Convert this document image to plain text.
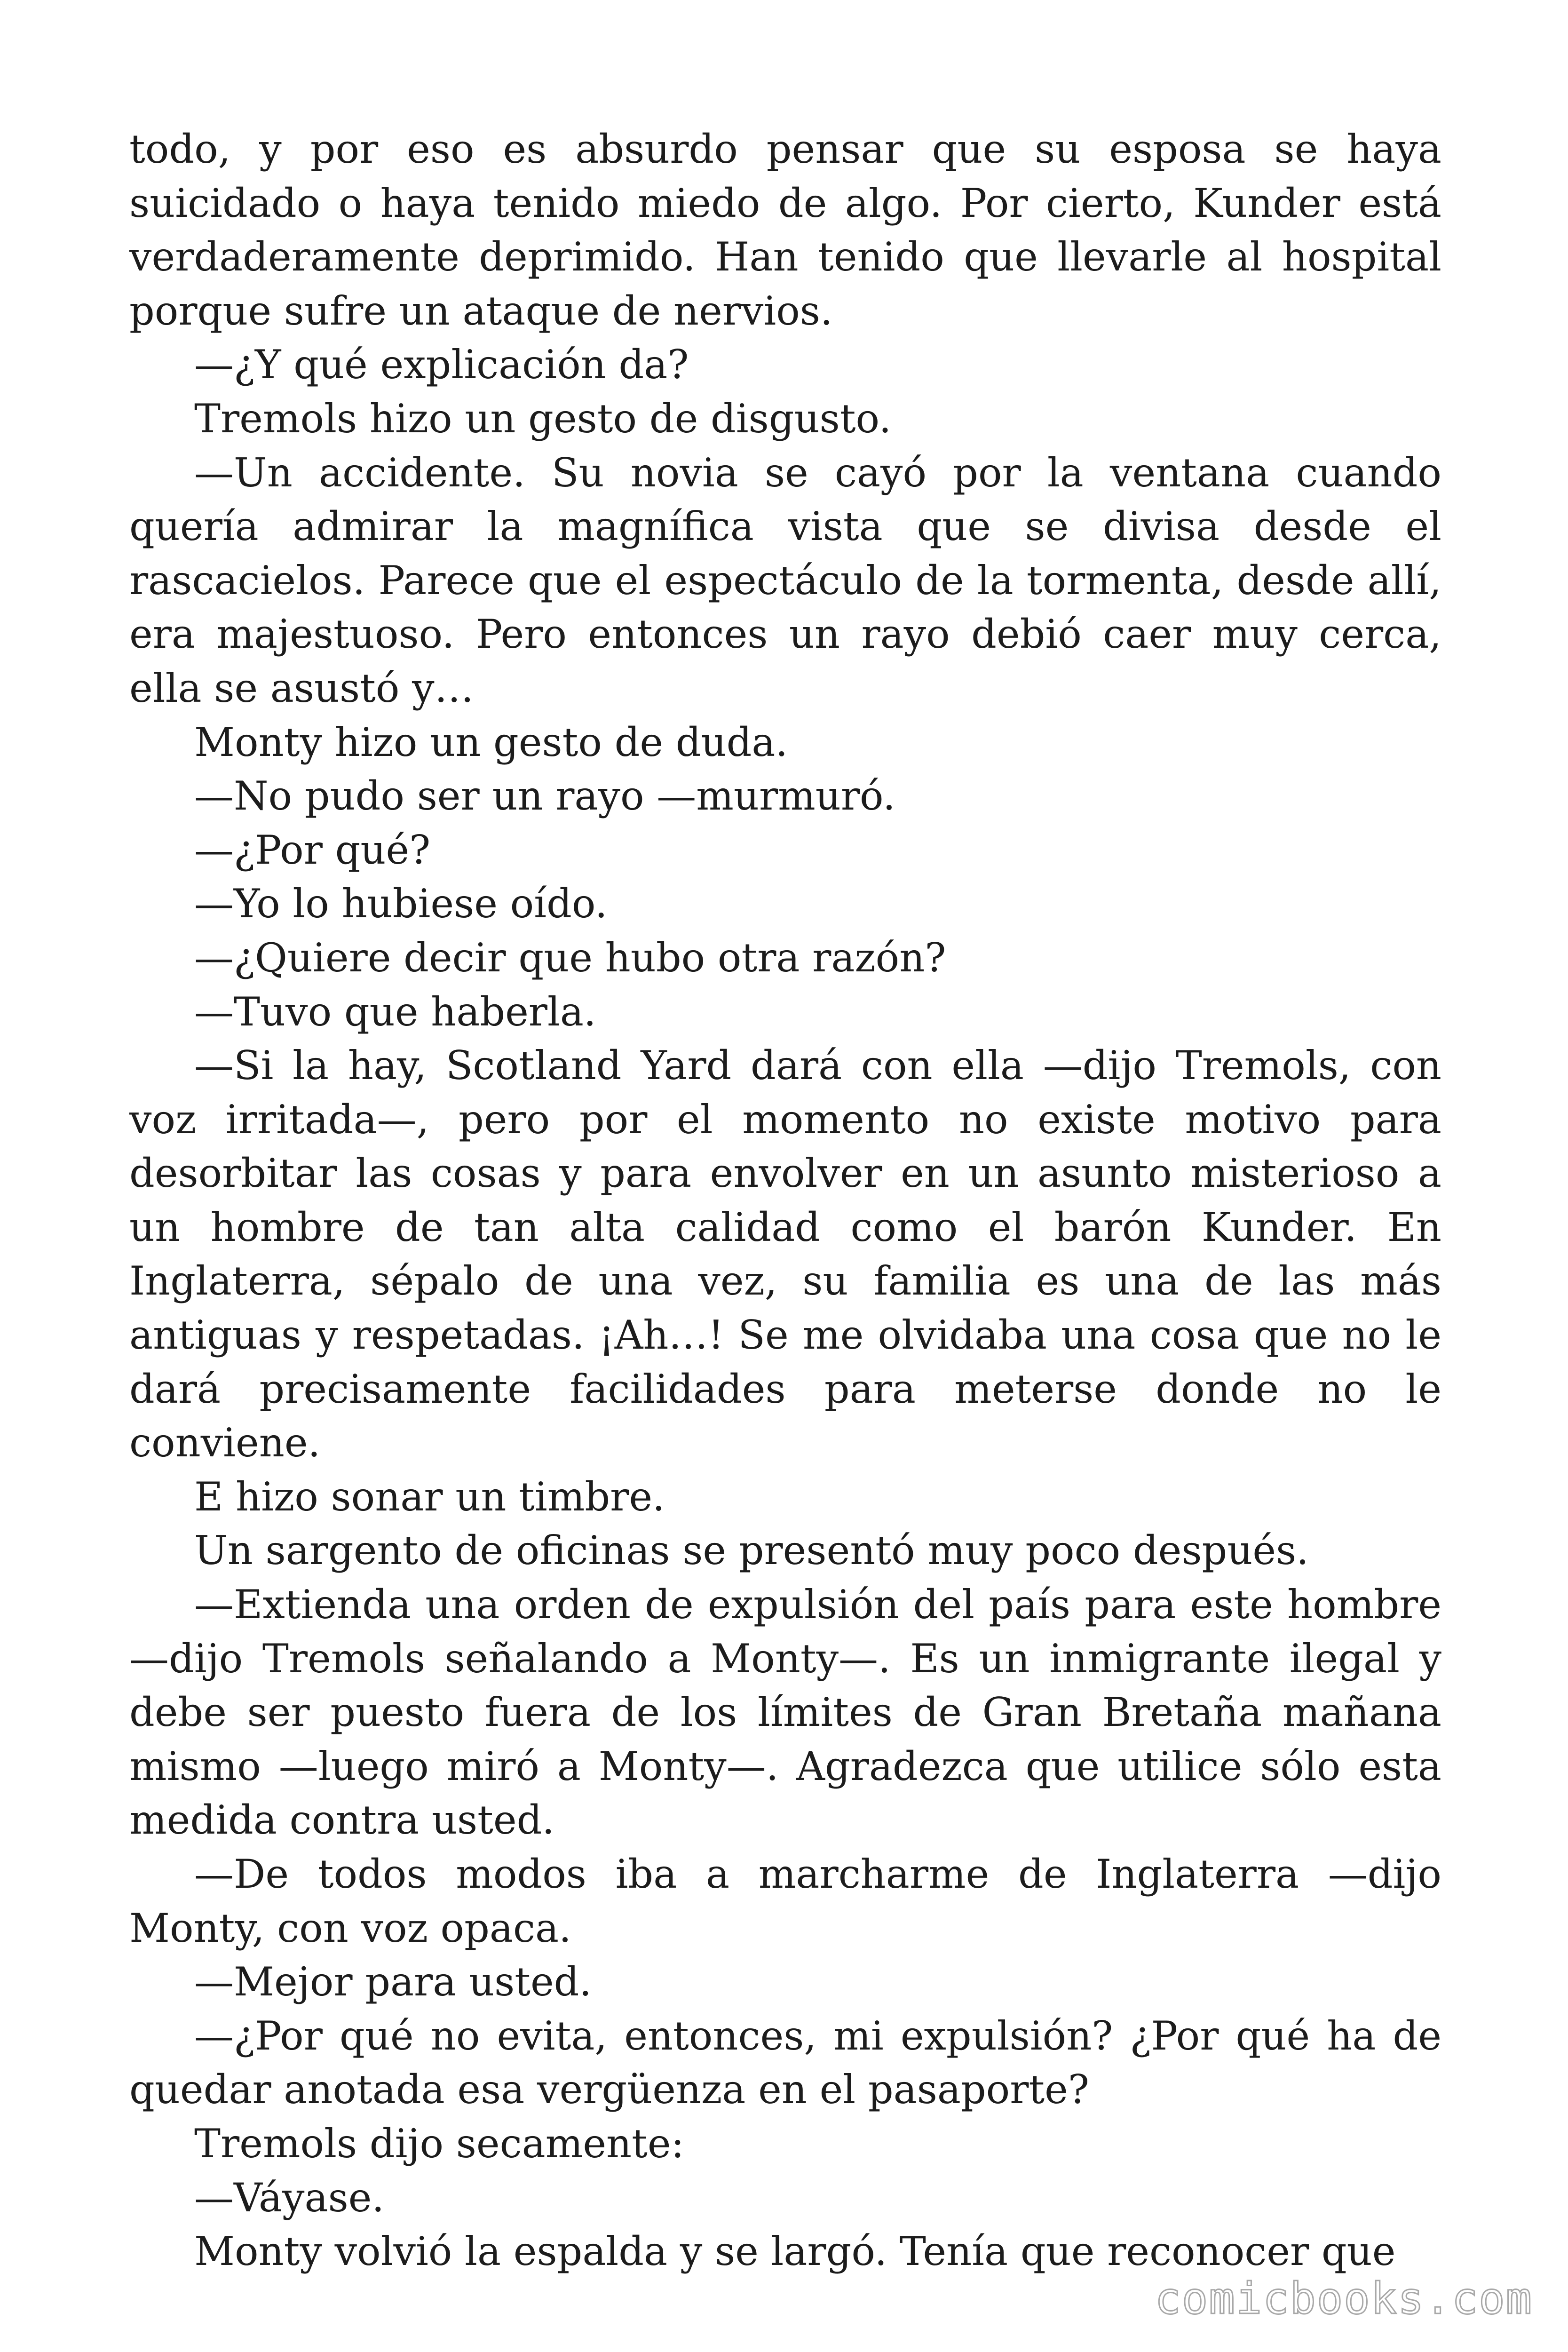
todo, y por eso es absurdo pensar que su esposa se haya suicidado o haya tenido miedo de algo. Por cierto, Kunder está verdaderamente deprimido. Han tenido que llevarle al hospital porque sufre un ataque de nervios.

—¿Y qué explicación da?

Tremols hizo un gesto de disgusto.

—Un accidente. Su novia se cayó por la ventana cuando quería admirar la magnífica vista que se divisa desde el rascacielos. Parece que el espectáculo de la tormenta, desde allí, era majestuoso. Pero entonces un rayo debió caer muy cerca, ella se asustó y…

Monty hizo un gesto de duda.

—No pudo ser un rayo —murmuró.

—¿Por qué?

—Yo lo hubiese oído.

—¿Quiere decir que hubo otra razón?

—Tuvo que haberla.

—Si la hay, Scotland Yard dará con ella —dijo Tremols, con voz irritada—, pero por el momento no existe motivo para desorbitar las cosas y para envolver en un asunto misterioso a un hombre de tan alta calidad como el barón Kunder. En Inglaterra, sépalo de una vez, su familia es una de las más antiguas y respetadas. ¡Ah…! Se me olvidaba una cosa que no le dará precisamente facilidades para meterse donde no le conviene.

E hizo sonar un timbre.

Un sargento de oficinas se presentó muy poco después.

—Extienda una orden de expulsión del país para este hombre —dijo Tremols señalando a Monty—. Es un inmigrante ilegal y debe ser puesto fuera de los límites de Gran Bretaña mañana mismo —luego miró a Monty—. Agradezca que utilice sólo esta medida contra usted.

—De todos modos iba a marcharme de Inglaterra —dijo Monty, con voz opaca.

—Mejor para usted.

—¿Por qué no evita, entonces, mi expulsión? ¿Por qué ha de quedar anotada esa vergüenza en el pasaporte?

Tremols dijo secamente:

—Váyase.

Monty volvió la espalda y se largó. Tenía que reconocer que

comicbooks.com
